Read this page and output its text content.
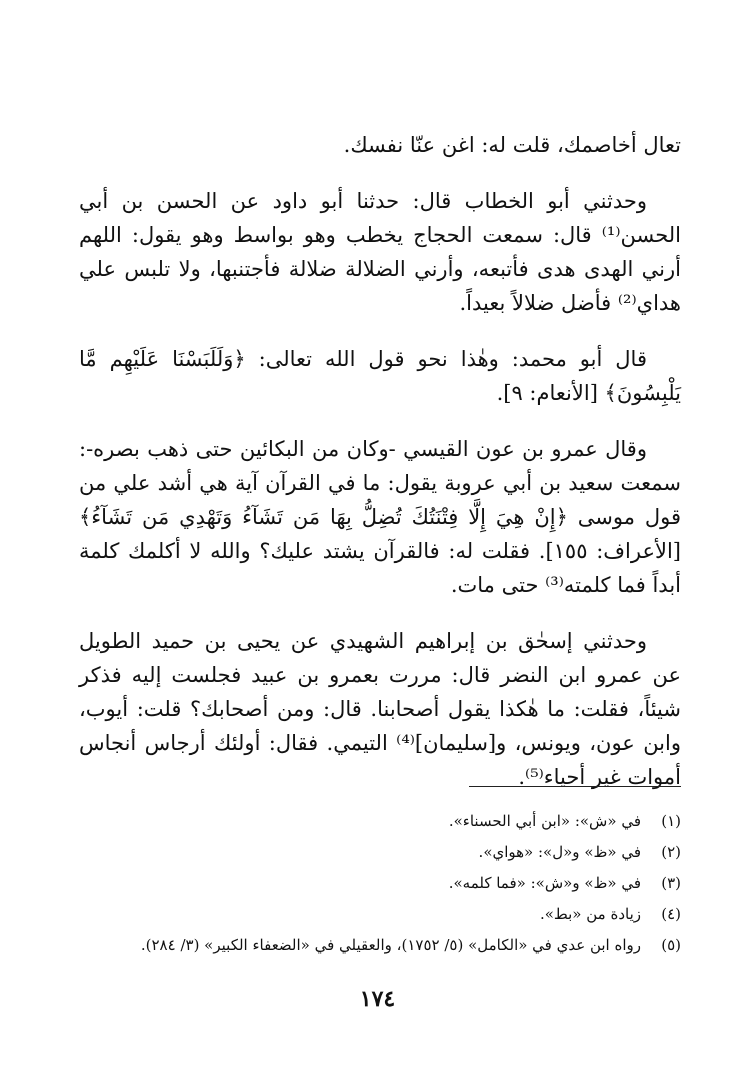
تعال أخاصمك، قلت له: اغن عنّا نفسك.

وحدثني أبو الخطاب قال: حدثنا أبو داود عن الحسن بن أبي الحسن⁽¹⁾ قال: سمعت الحجاج يخطب وهو بواسط وهو يقول: اللهم أرني الهدى هدى فأتبعه، وأرني الضلالة ضلالة فأجتنبها، ولا تلبس علي هداي⁽²⁾ فأضل ضلالاً بعيداً.

قال أبو محمد: وهٰذا نحو قول الله تعالى: ﴿وَلَلَبَسْنَا عَلَيْهِم مَّا يَلْبِسُونَ﴾ [الأنعام: ٩].

وقال عمرو بن عون القيسي -وكان من البكائين حتى ذهب بصره-: سمعت سعيد بن أبي عروبة يقول: ما في القرآن آية هي أشد علي من قول موسى ﴿إِنْ هِيَ إِلَّا فِتْنَتُكَ تُضِلُّ بِهَا مَن تَشَآءُ وَتَهْدِي مَن تَشَآءُ﴾ [الأعراف: ١٥٥]. فقلت له: فالقرآن يشتد عليك؟ والله لا أكلمك كلمة أبداً فما كلمته⁽³⁾ حتى مات.

وحدثني إسحٰق بن إبراهيم الشهيدي عن يحيى بن حميد الطويل عن عمرو ابن النضر قال: مررت بعمرو بن عبيد فجلست إليه فذكر شيئاً، فقلت: ما هٰكذا يقول أصحابنا. قال: ومن أصحابك؟ قلت: أيوب، وابن عون، ويونس، و[سليمان]⁽⁴⁾ التيمي. فقال: أولئك أرجاس أنجاس أموات غير أحياء⁽⁵⁾.

(١)في «ش»: «ابن أبي الحسناء».
(٢)في «ظ» و«ل»: «هواي».
(٣)في «ظ» و«ش»: «فما كلمه».
(٤)زيادة من «بط».
(٥)رواه ابن عدي في «الكامل» (٥/ ١٧٥٢)، والعقيلي في «الضعفاء الكبير» (٣/ ٢٨٤).
١٧٤
